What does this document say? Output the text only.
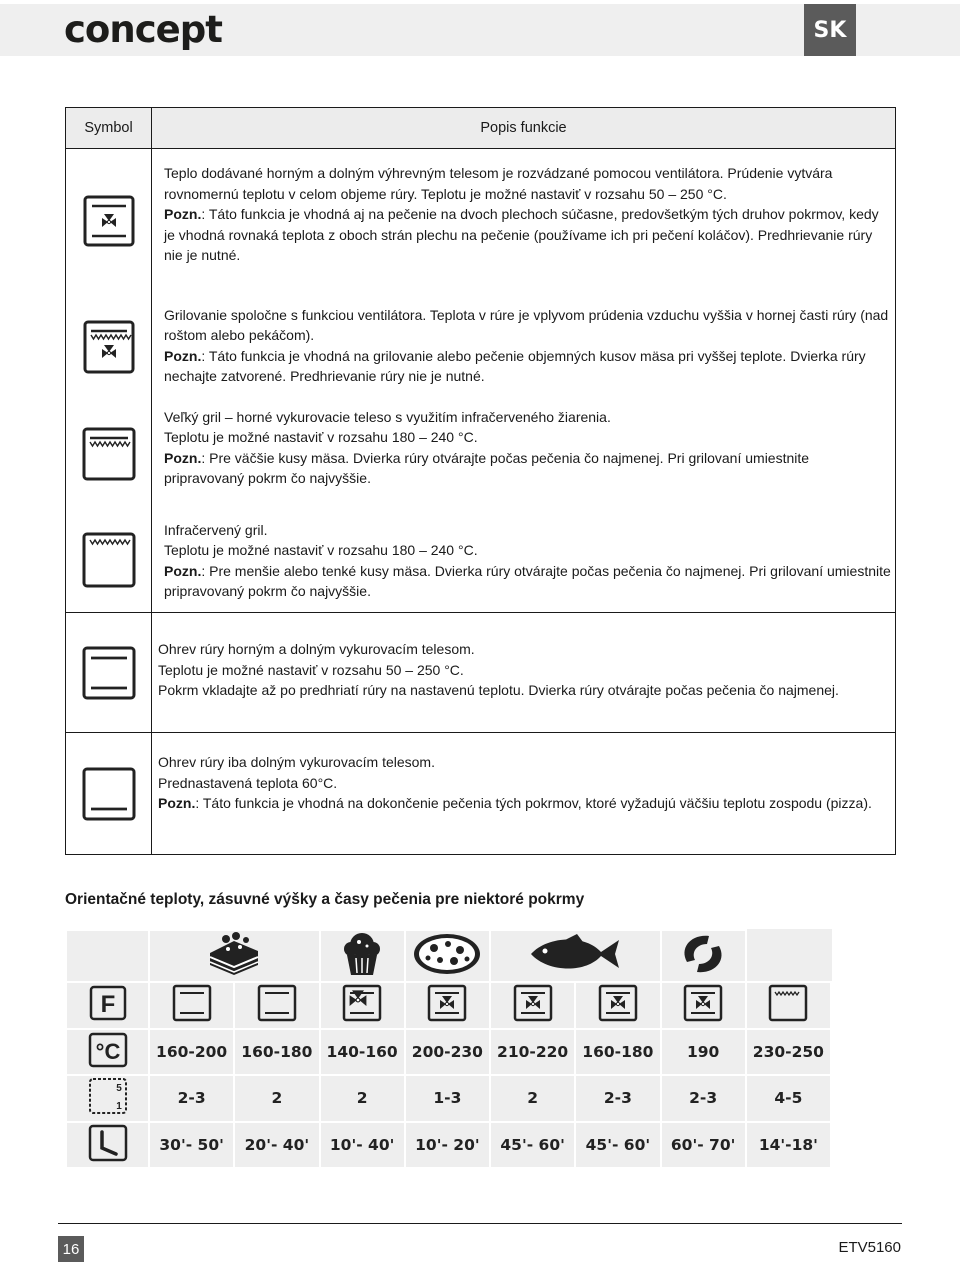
concept	SK
Symbol	Popis funkcie

Teplo dodávané horným a dolným výhrevným telesom je rozvádzané pomocou ventilátora. Prúdenie vytvára rovnomernú teplotu v celom objeme rúry. Teplotu je možné nastaviť v rozsahu 50 – 250 °C.

Pozn.: Táto funkcia je vhodná aj na pečenie na dvoch plechoch súčasne, predovšetkým tých druhov pokrmov, kedy je vhodná rovnaká teplota z oboch strán plechu na pečenie (používame ich pri pečení koláčov). Predhrievanie rúry nie je nutné.

Grilovanie spoločne s funkciou ventilátora. Teplota v rúre je vplyvom prúdenia vzduchu vyššia v hornej časti rúry (nad roštom alebo pekáčom).

Pozn.: Táto funkcia je vhodná na grilovanie alebo pečenie objemných kusov mäsa pri vyššej teplote. Dvierka rúry nechajte zatvorené. Predhrievanie rúry nie je nutné.

Veľký gril – horné vykurovacie teleso s využitím infračerveného žiarenia.

Teplotu je možné nastaviť v rozsahu 180 – 240 °C.

Pozn.: Pre väčšie kusy mäsa. Dvierka rúry otvárajte počas pečenia čo najmenej. Pri grilovaní umiestnite pripravovaný pokrm čo najvyššie.

Infračervený gril.

Teplotu je možné nastaviť v rozsahu 180 – 240 °C.

Pozn.: Pre menšie alebo tenké kusy mäsa. Dvierka rúry otvárajte počas pečenia čo najmenej. Pri grilovaní umiestnite pripravovaný pokrm čo najvyššie.

Ohrev rúry horným a dolným vykurovacím telesom.

Teplotu je možné nastaviť v rozsahu 50 – 250 °C.

Pokrm vkladajte až po predhriatí rúry na nastavenú teplotu. Dvierka rúry otvárajte počas pečenia čo najmenej.

Ohrev rúry iba dolným vykurovacím telesom.

Prednastavená teplota 60°C.

Pozn.: Táto funkcia je vhodná na dokončenie pečenia tých pokrmov, ktoré vyžadujú väčšiu teplotu zospodu (pizza).

Orientačné teploty, zásuvné výšky a časy pečenia pre niektoré pokrmy

F

°C	160-200	160-180	140-160	200-230	210-220	160-180	190	230-250

5
1	2-3	2	2	1-3	2	2-3	2-3	4-5
	30'- 50'	20'- 40'	10'- 40'	10'- 20'	45'- 60'	45'- 60'	60'- 70'	14'-18'
16	ETV5160
